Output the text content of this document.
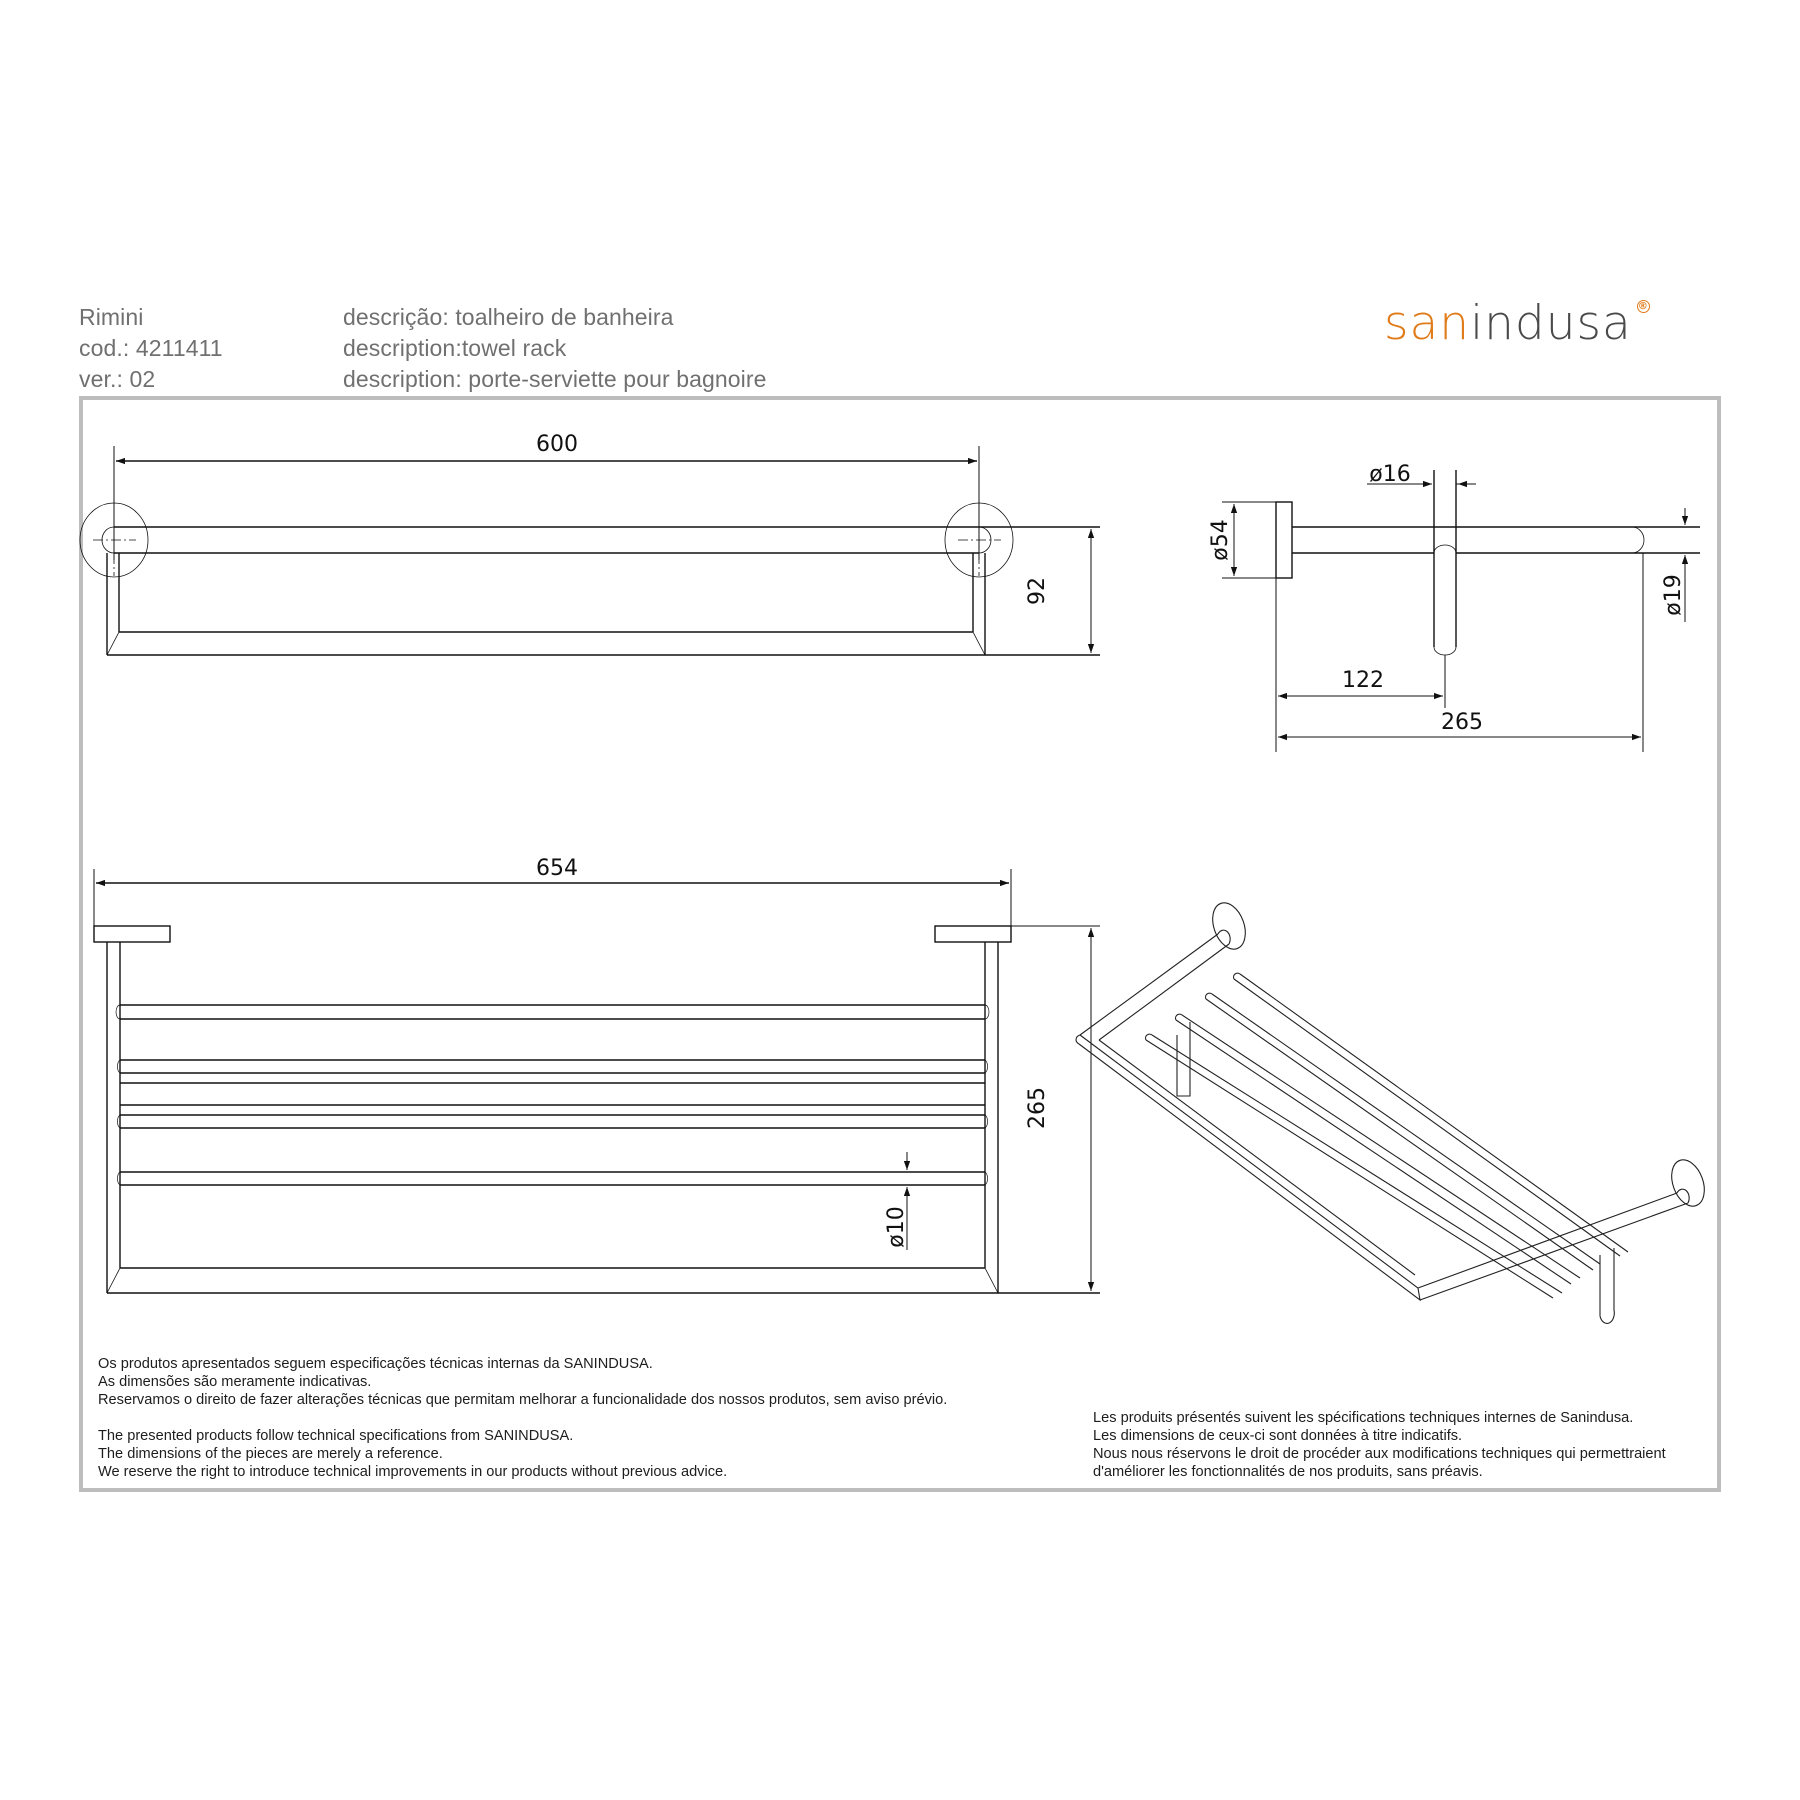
Rimini
cod.: 4211411
ver.: 02
descrição: toalheiro de banheira
description:towel rack
description: porte-serviette pour bagnoire
sanindusa ®
600
92
ø16
ø54
ø19
122
265
654
265
ø10
Os produtos apresentados seguem especificações técnicas internas da SANINDUSA.
As dimensões são meramente indicativas.
Reservamos o direito de fazer alterações técnicas que permitam melhorar a funcionalidade dos nossos produtos, sem aviso prévio.
The presented products follow technical specifications from SANINDUSA.
The dimensions of the pieces are merely a reference.
We reserve the right to introduce technical improvements in our products without previous advice.
Les produits présentés suivent les spécifications techniques internes de Sanindusa.
Les dimensions de ceux-ci sont données à titre indicatifs.
Nous nous réservons le droit de procéder aux modifications techniques qui permettraient
d'améliorer les fonctionnalités de nos produits, sans préavis.
